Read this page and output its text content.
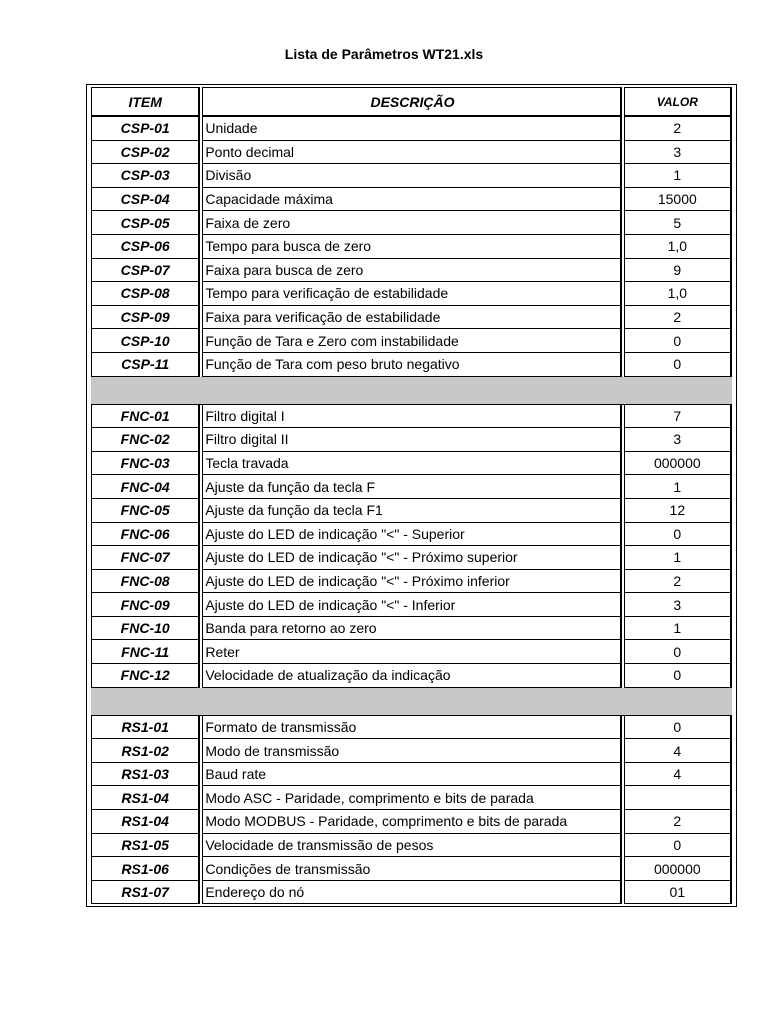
Lista de Parâmetros WT21.xls
ITEM	DESCRIÇÃO	VALOR
CSP-01	Unidade	2
CSP-02	Ponto decimal	3
CSP-03	Divisão	1
CSP-04	Capacidade máxima	15000
CSP-05	Faixa de zero	5
CSP-06	Tempo para busca de zero	1,0
CSP-07	Faixa para busca de zero	9
CSP-08	Tempo para verificação de estabilidade	1,0
CSP-09	Faixa para verificação de estabilidade	2
CSP-10	Função de Tara e Zero com instabilidade	0
CSP-11	Função de Tara com peso bruto negativo	0

FNC-01	Filtro digital I	7
FNC-02	Filtro digital II	3
FNC-03	Tecla travada	000000
FNC-04	Ajuste da função da tecla F	1
FNC-05	Ajuste da função da tecla F1	12
FNC-06	Ajuste do LED de indicação "<" - Superior	0
FNC-07	Ajuste do LED de indicação "<" - Próximo superior	1
FNC-08	Ajuste do LED de indicação "<" - Próximo inferior	2
FNC-09	Ajuste do LED de indicação "<" - Inferior	3
FNC-10	Banda para retorno ao zero	1
FNC-11	Reter	0
FNC-12	Velocidade de atualização da indicação	0

RS1-01	Formato de transmissão	0
RS1-02	Modo de transmissão	4
RS1-03	Baud rate	4
RS1-04	Modo ASC - Paridade, comprimento e bits de parada	
RS1-04	Modo MODBUS - Paridade, comprimento e bits de parada	2
RS1-05	Velocidade de transmissão de pesos	0
RS1-06	Condições de transmissão	000000
RS1-07	Endereço do nó	01
